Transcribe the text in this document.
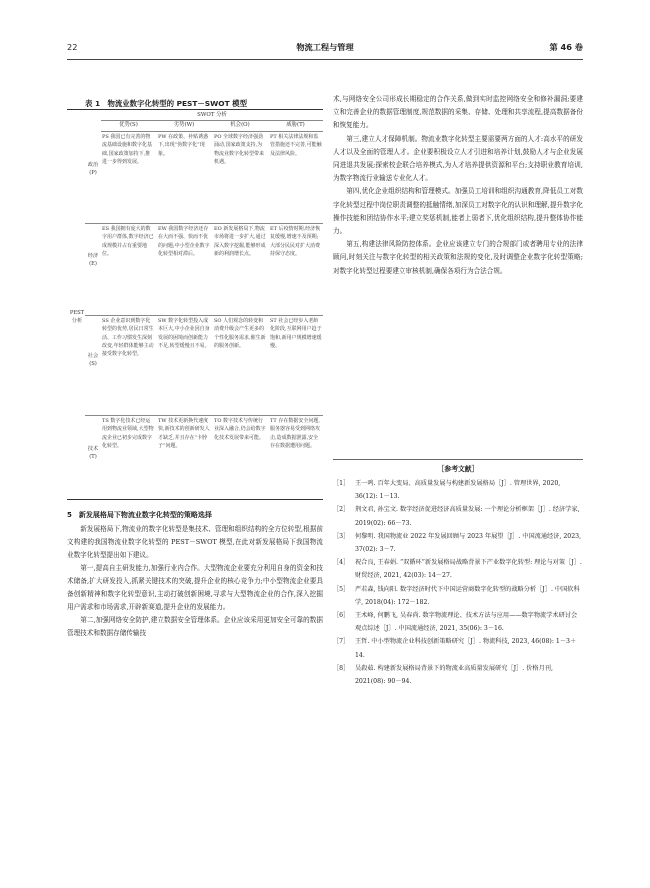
22	物流工程与管理	第 46 卷
表 1　物流业数字化转型的 PEST－SWOT 模型
SWOT 分析
优势(S)	劣势(W)	机会(O)	威胁(T)
PEST 分析
政治 (P)
PS 我国已有完善的物流基础设施和数字化基础,国家政策加持下,推进一步得到发展。
PW 在政策、补贴诱惑下,出现“伪数字化”现象。
PO 全球数字经济强劲涌动,国家政策支持,为物流业数字化转型带来机遇。
PT 相关法律法规和监管措施还不完善,可能触及法律风险。
经济 (E)
ES 我国拥有庞大的数字用户群体,数字经济已成规模并占有重要地位。
EW 我国数字经济还存在大而不强、快而不优的问题;中小型企业数字化转型相对滞后。
EO 新发展格局下,物流市场将进一步扩大,通过深入数字挖掘,能够形成新的利润增长点。
ET 后疫情时期,经济恢复缓慢,增速不及预期;大部分民民对扩大消费持保守态度。
社会 (S)
SS 企业意识到数字化转型的优势,居民日常生活、工作习惯发生深刻改变,年轻群体能够主动接受数字化转型。
SW 数字化转型投入成本巨大,中小企业因自身发展的困境而创新能力不足,转型缓慢且不易。
SO 人们观念的转变和消费升级会产生更多的个性化服务需求,催生新的服务创新。
ST 社会已经步入老龄化阶段,互联网用户趋于饱和,新用户规模增速缓慢。
技术 (T)
TS 数字化技术已经运用到物流业领域,大型物流企业已初步完成数字化转型。
TW 技术更新换代速度快,新技术的创新研发人才缺乏,并且存在“卡脖子”问题。
TO 数字技术与传统行业深入融合,仍会给数字化技术发展带来可能。
TT 存在数据安全问题,服务器容易受到网络攻击,造成数据泄露,安全存在数据遭用问题。
5　新发展格局下物流业数字化转型的策略选择

新发展格局下,物流业的数字化转型是集技术、管理和组织结构的全方位转型,根据前文构建的我国物流业数字化转型的 PEST－SWOT 模型,在此对新发展格局下我国物流业数字化转型提出如下建议。

第一,提高自主研发能力,加强行业内合作。大型物流企业要充分利用自身的资金和技术储备,扩大研发投入,抓紧关键技术的突破,提升企业的核心竞争力;中小型物流企业要具备创新精神和数字化转型意识,主动打破创新困境,寻求与大型物流企业的合作,深入挖掘用户需求和市场需求,开辟新赛道,提升企业的发展能力。

第二,加强网络安全防护,建立数据安全管理体系。企业应该采用更加安全可靠的数据管理技术和数据存储传输技

术,与网络安全公司形成长期稳定的合作关系,做到实时监控网络安全和修补漏洞;要建立和完善企业的数据管理制度,规范数据的采集、存储、处理和共享流程,提高数据备份和恢复能力。

第三,建立人才保障机制。物流业数字化转型主要需要两方面的人才:高水平的研发人才以及全面的管理人才。企业要积极设立人才引进和培养计划,鼓励人才与企业发展同进退共发展;探索校企联合培养模式,为人才培养提供资源和平台;支持职业教育培训,为数字物流行业输送专业化人才。

第四,优化企业组织结构和管理模式。加强员工培训和组织沟通教育,降低员工对数字化转型过程中岗位职责调整的抵触情绪,加深员工对数字化的认识和理解,提升数字化操作技能和团结协作水平;建立奖惩机制,能者上弱者下,优化组织结构,提升整体协作能力。

第五,构建法律风险防控体系。企业应该建立专门的合规部门或者聘用专业的法律顾问,时刻关注与数字化转型的相关政策和法规的变化,及时调整企业数字化转型策略;对数字化转型过程要建立审核机制,确保各项行为合法合规。

［参考文献］
［1］ 王一鸣. 百年大变局、高质量发展与构建新发展格局［J］. 管理世界, 2020, 36(12): 1－13.
［2］ 荆文君, 孙宝文. 数字经济促进经济高质量发展: 一个理论分析框架［J］. 经济学家, 2019(02): 66－73.
［3］ 何黎明. 我国物流业 2022 年发展回顾与 2023 年展望［J］. 中国流通经济, 2023, 37(02): 3－7.
［4］ 祝合良, 王春娟. “双循环”新发展格局战略背景下产业数字化转型: 理论与对策［J］. 财贸经济, 2021, 42(03): 14－27.
［5］ 严若森, 钱向阳. 数字经济时代下中国运营商数字化转型的战略分析［J］. 中国软科学, 2018(04): 172－182.
［6］ 王术峰, 何鹏飞, 吴春尚. 数字物流理论、技术方法与应用——数字物流学术研讨会观点综述［J］. 中国流通经济, 2021, 35(06): 3－16.
［7］ 王哲. 中小型物流企业科技创新策略研究［J］. 物流科技, 2023, 46(08): 1－3＋14.
［8］ 吴殺茹. 构建新发展格局背景下的物流业高质量发展研究［J］. 价格月刊, 2021(08): 90－94.
